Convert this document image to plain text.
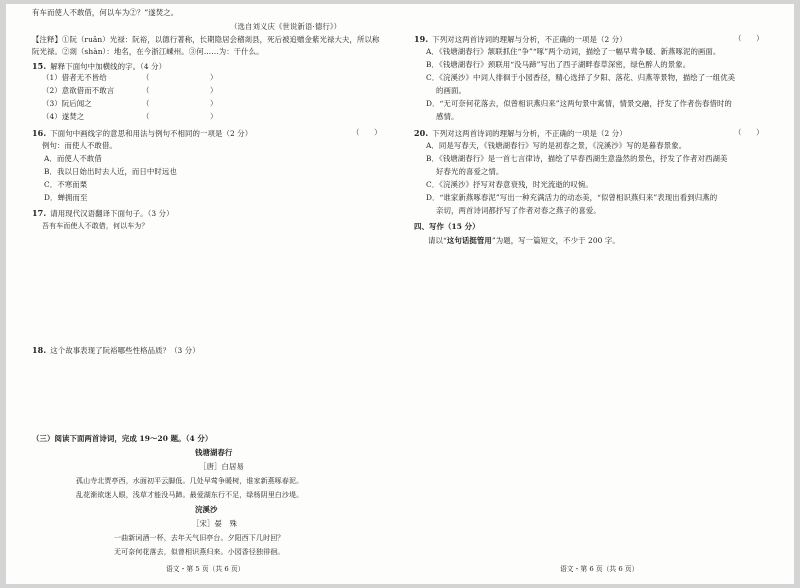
有车而使人不敢借，何以车为②？”遂焚之。
（选自刘义庆《世说新语·德行》）
【注释】①阮（ruǎn）光禄：阮裕，以德行著称，长期隐居会稽剡县，死后被追赠金紫光禄大夫，所以称
阮光禄。②剡（shàn）：地名，在今浙江嵊州。③何……为：干什么。
15. 解释下面句中加横线的字。（4 分）
（1）借者无不皆给	（	）
（2）意欲借而不敢言	（	）
（3）阮后闻之	（	）
（4）遂焚之	（	）
16. 下面句中画线字的意思和用法与例句不相同的一项是（2 分）	（　　）
例句：而使人不敢借。
A．而使人不敢借
B．我以日始出时去人近，而日中时远也
C．不寒而栗
D．蝉拥而至
17. 请用现代汉语翻译下面句子。（3 分）
吾有车而使人不敢借，何以车为？
18. 这个故事表现了阮裕哪些性格品质？（3 分）
（三）阅读下面两首诗词，完成 19～20 题。（4 分）
钱塘湖春行
［唐］白居易
孤山寺北贾亭西，水面初平云脚低。几处早莺争暖树，谁家新燕啄春泥。
乱花渐欲迷人眼，浅草才能没马蹄。最爱湖东行不足，绿杨阴里白沙堤。
浣溪沙
［宋］晏　殊
一曲新词酒一杯，去年天气旧亭台。夕阳西下几时回？
无可奈何花落去，似曾相识燕归来。小园香径独徘徊。
语文・第 5 页（共 6 页）
19. 下列对这两首诗词的理解与分析，不正确的一项是（2 分）	（　　）
A．《钱塘湖春行》颔联抓住“争”“啄”两个动词，描绘了一幅早莺争暖、新燕啄泥的画面。
B．《钱塘湖春行》颈联用“没马蹄”写出了西子湖畔春草深密，绿色醉人的景象。
C．《浣溪沙》中词人徘徊于小园香径，精心选择了夕阳、落花、归燕等景物，描绘了一组优美
的画面。
D．“无可奈何花落去，似曾相识燕归来”这两句景中寓情，情景交融，抒发了作者伤春惜时的
感情。
20. 下列对这两首诗词的理解与分析，不正确的一项是（2 分）	（　　）
A．同是写春天，《钱塘湖春行》写的是初春之景，《浣溪沙》写的是暮春景象。
B．《钱塘湖春行》是一首七言律诗，描绘了早春西湖生意盎然的景色，抒发了作者对西湖美
好春光的喜爱之情。
C．《浣溪沙》抒写对春意衰残，时光流逝的叹惋。
D．“谁家新燕啄春泥”写出一种充满活力的动态美，“似曾相识燕归来”表现出看到归燕的
亲切，两首诗词都抒写了作者对春之燕子的喜爱。
四、写作（15 分）
请以“这句话挺管用”为题，写一篇短文，不少于 200 字。
语文・第 6 页（共 6 页）
